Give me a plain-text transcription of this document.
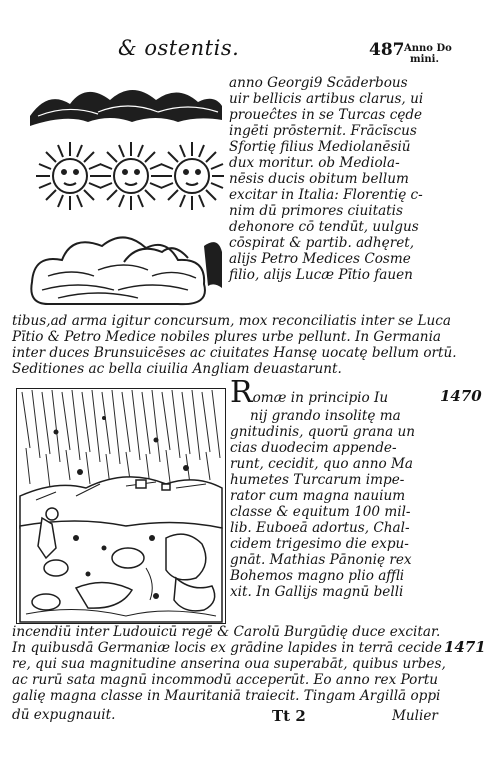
& ostentis.	487 Anno Do
mini.
anno Georgi9 Scāderbous
uir bellicis artibus clarus, ui
proueĉtes in se Turcas cęde
ingēti prōsternit. Frācīscus
Sfortię filius Mediolanēsiū
dux moritur. ob Mediola-
nēsis ducis obitum bellum
excitar in Italia: Florentię c-
nim dū primores ciuitatis
dehonore cō tendūt, uulgus
cōspirat & partib. adhęret,
alijs Petro Medices Cosme
filio, alijs Lucæ Pītio fauen
tibus,ad arma igitur concursum, mox reconciliatis inter se Luca
Pītio & Petro Medice nobiles plures urbe pellunt. In Germania
inter duces Brunsuicēses ac ciuitates Hansę uocatę bellum ortū.
Seditiones ac bella ciuilia Angliam deuastarunt.
1470
Romæ in principio Iu
nij grando insolitę ma
gnitudinis, quorū grana un
cias duodecim appende-
runt, cecidit, quo anno Ma
humetes Turcarum impe-
rator cum magna nauium
classe & equitum 100 mil-
lib. Euboeā adortus, Chal-
cidem trigesimo die expu-
gnāt. Mathias Pānonię rex
Bohemos magno plio affli
xit. In Gallijs magnū belli
incendiū inter Ludouicū regē & Carolū Burgūdię duce excitar.
In quibusdā Germaniæ locis ex grādine lapides in terrā cecide
re, qui sua magnitudine anserina oua superabāt, quibus urbes,
ac rurū sata magnū incommodū acceperūt. Eo anno rex Portu
galię magna classe in Mauritaniā traiecit. Tingam Argillā oppi
1471
dū expugnauit.	Tt 2	Mulier
